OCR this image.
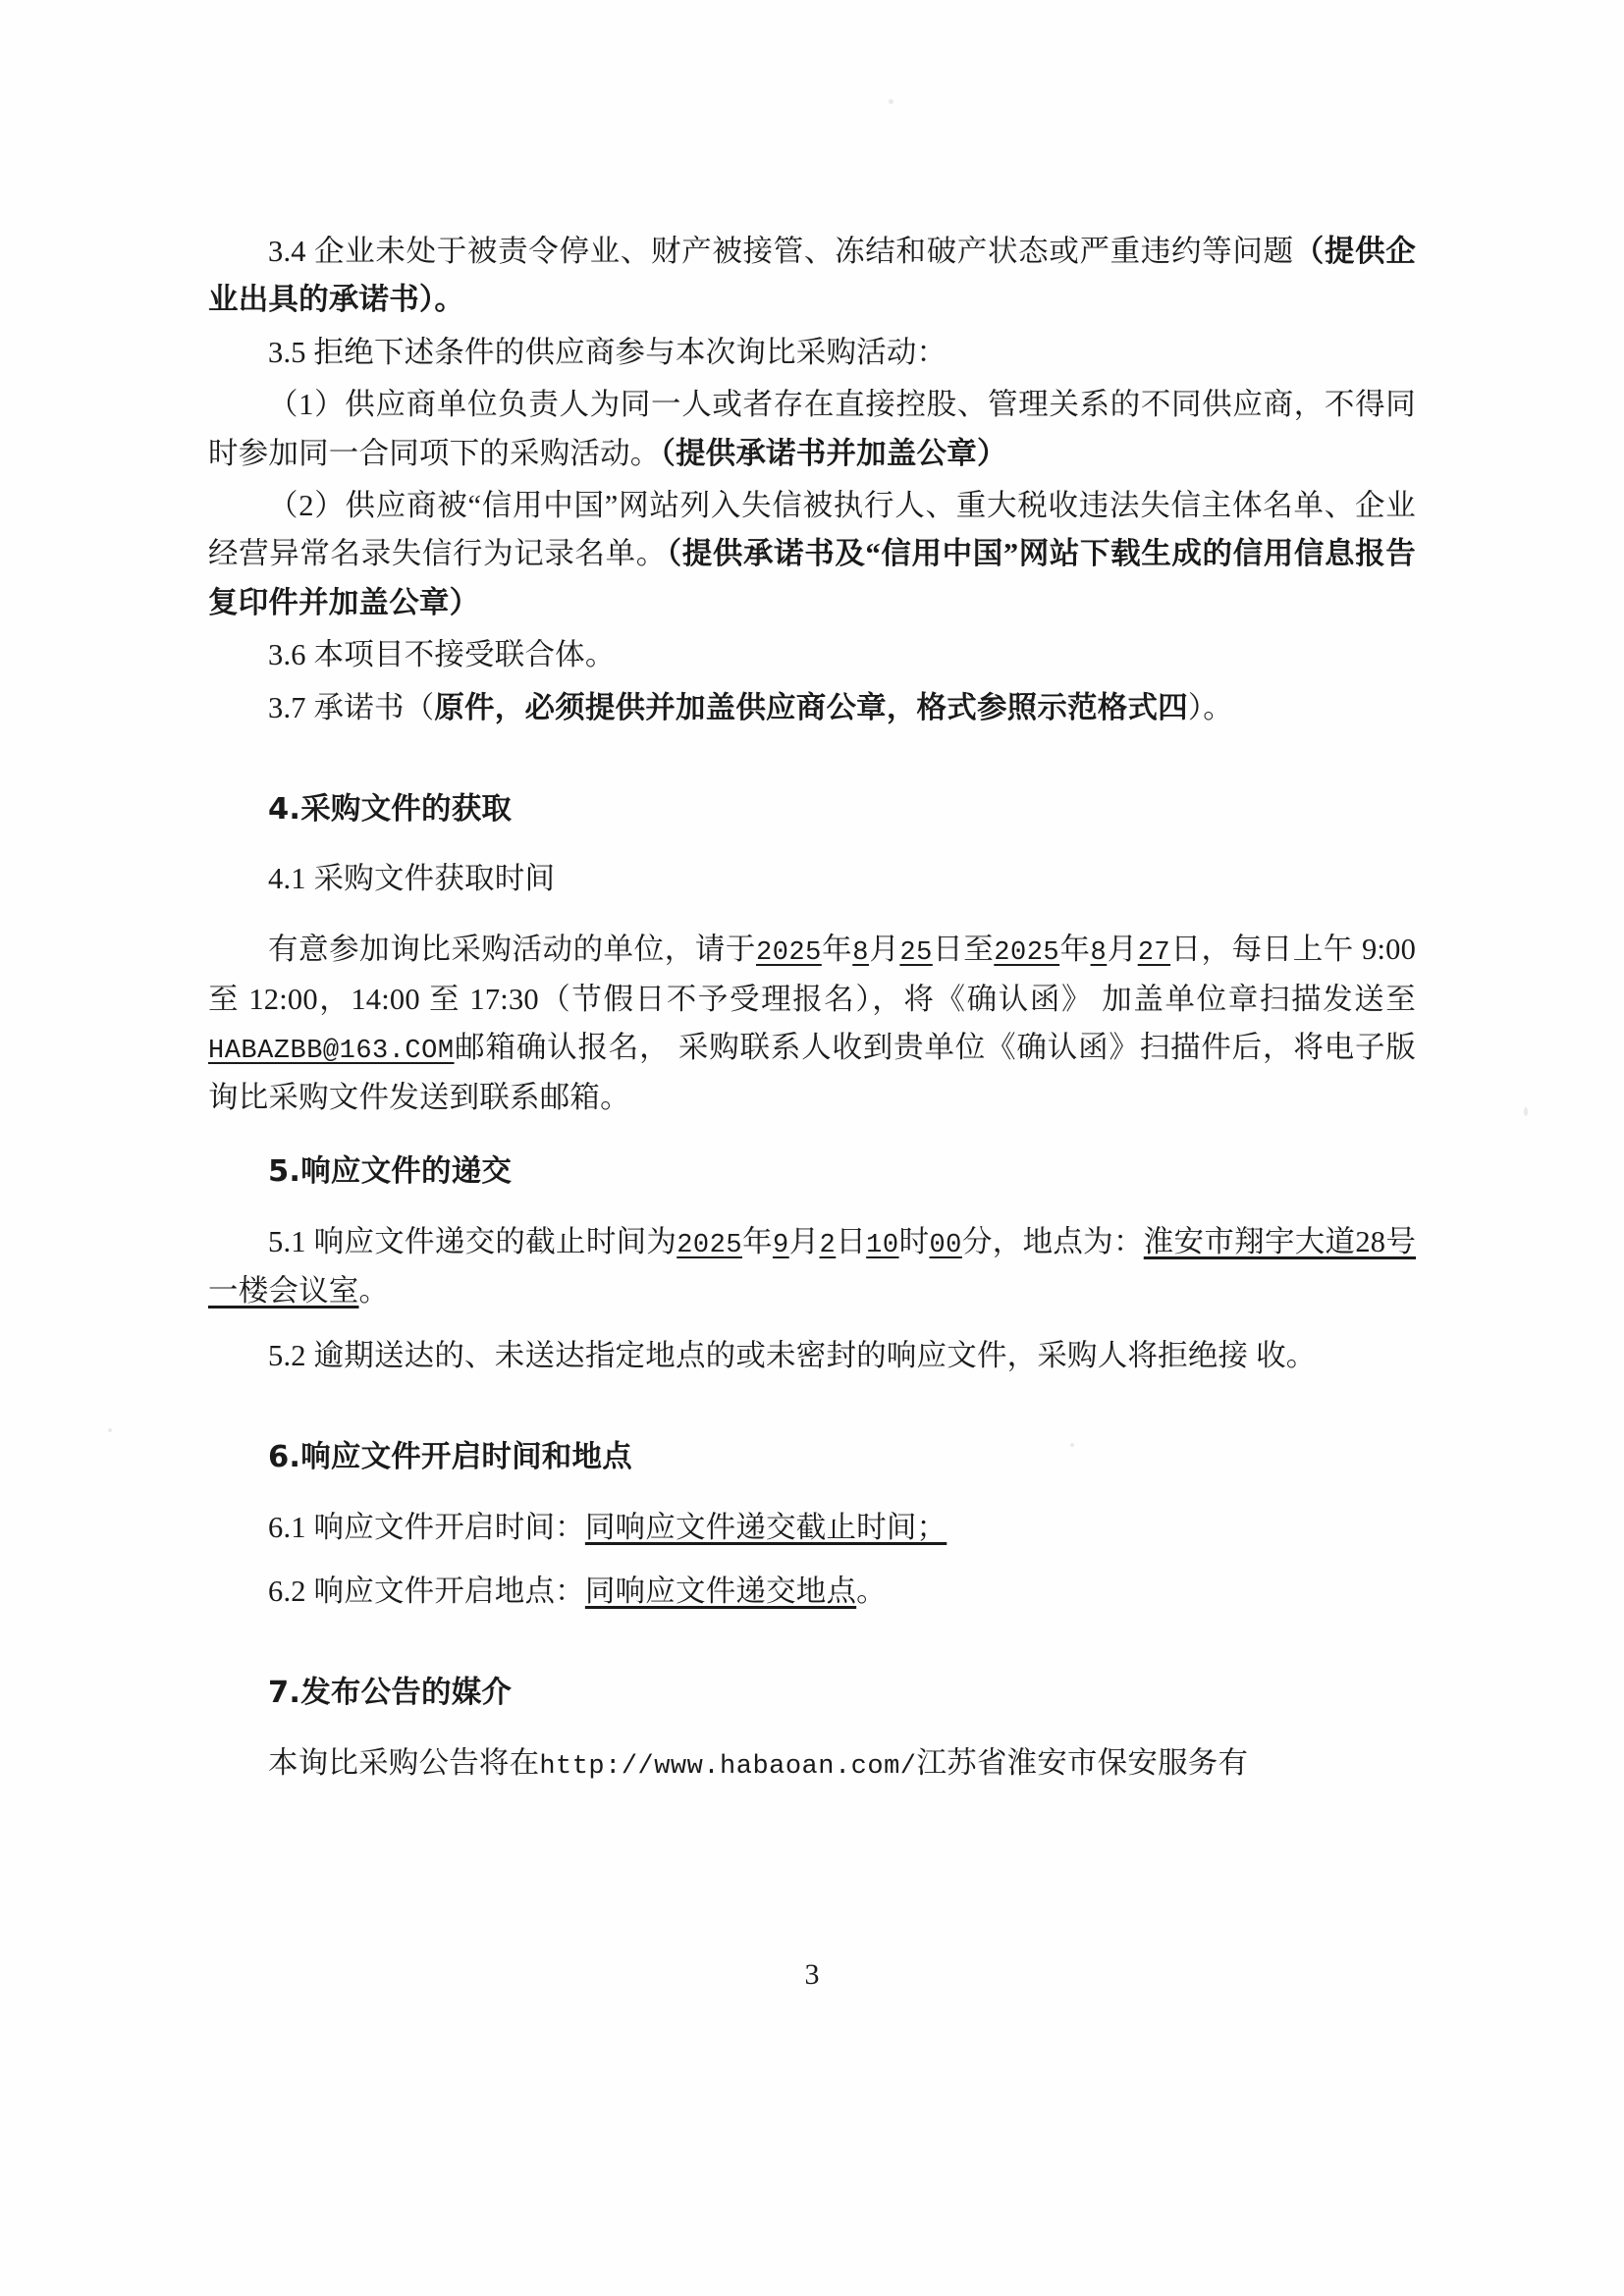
3.4 企业未处于被责令停业、财产被接管、冻结和破产状态或严重违约等问题（提供企业出具的承诺书）。

3.5 拒绝下述条件的供应商参与本次询比采购活动：

（1）供应商单位负责人为同一人或者存在直接控股、管理关系的不同供应商，不得同时参加同一合同项下的采购活动。（提供承诺书并加盖公章）

（2）供应商被“信用中国”网站列入失信被执行人、重大税收违法失信主体名单、企业经营异常名录失信行为记录名单。（提供承诺书及“信用中国”网站下载生成的信用信息报告复印件并加盖公章）

3.6 本项目不接受联合体。

3.7 承诺书（原件，必须提供并加盖供应商公章，格式参照示范格式四）。

4.采购文件的获取

4.1 采购文件获取时间

有意参加询比采购活动的单位，请于2025年8月25日至2025年8月27日，每日上午 9:00 至 12:00，14:00 至 17:30（节假日不予受理报名），将《确认函》 加盖单位章扫描发送至HABAZBB@163.COM邮箱确认报名， 采购联系人收到贵单位《确认函》扫描件后，将电子版询比采购文件发送到联系邮箱。

5.响应文件的递交

5.1 响应文件递交的截止时间为2025年9月2日10时00分，地点为：淮安市翔宇大道28号一楼会议室。

5.2 逾期送达的、未送达指定地点的或未密封的响应文件，采购人将拒绝接 收。

6.响应文件开启时间和地点

6.1 响应文件开启时间：同响应文件递交截止时间；

6.2 响应文件开启地点：同响应文件递交地点。

7.发布公告的媒介

本询比采购公告将在http://www.habaoan.com/江苏省淮安市保安服务有

3
